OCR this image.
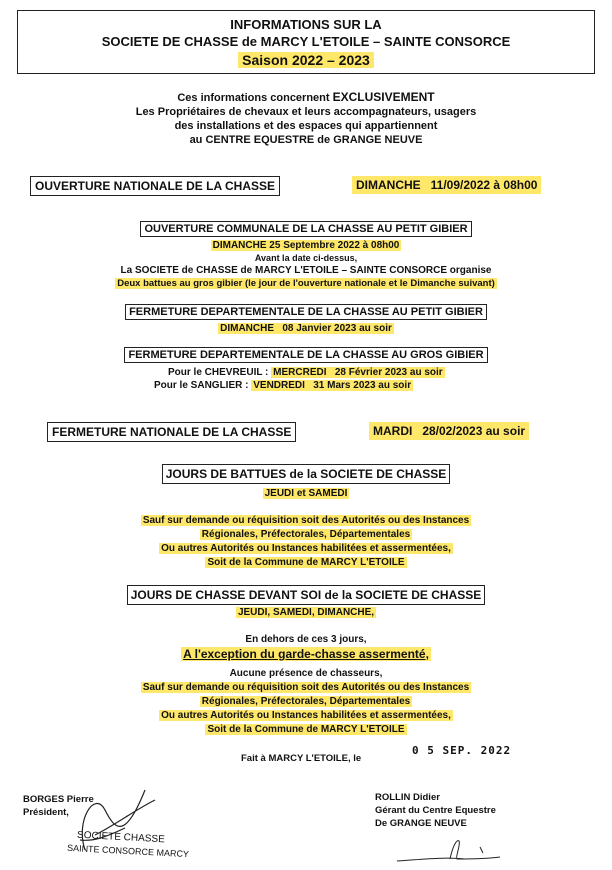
INFORMATIONS SUR LA
SOCIETE DE CHASSE de MARCY L'ETOILE – SAINTE CONSORCE
Saison 2022 – 2023
Ces informations concernent EXCLUSIVEMENT
Les Propriétaires de chevaux et leurs accompagnateurs, usagers
des installations et des espaces qui appartiennent
au CENTRE EQUESTRE de GRANGE NEUVE
OUVERTURE NATIONALE DE LA CHASSE	DIMANCHE   11/09/2022 à 08h00
OUVERTURE COMMUNALE DE LA CHASSE AU PETIT GIBIER
DIMANCHE 25 Septembre 2022 à 08h00
Avant la date ci-dessus,
La SOCIETE de CHASSE de MARCY L'ETOILE – SAINTE CONSORCE organise
Deux battues au gros gibier (le jour de l'ouverture nationale et le Dimanche suivant)
FERMETURE DEPARTEMENTALE DE LA CHASSE AU PETIT GIBIER
DIMANCHE   08 Janvier 2023 au soir
FERMETURE DEPARTEMENTALE DE LA CHASSE AU GROS GIBIER
Pour le CHEVREUIL : MERCREDI   28 Février 2023 au soir
Pour le SANGLIER : VENDREDI   31 Mars 2023 au soir
FERMETURE NATIONALE DE LA CHASSE	MARDI   28/02/2023 au soir
JOURS DE BATTUES de la SOCIETE DE CHASSE
JEUDI et SAMEDI
Sauf sur demande ou réquisition soit des Autorités ou des Instances
Régionales, Préfectorales, Départementales
Ou autres Autorités ou Instances habilitées et assermentées,
Soit de la Commune de MARCY L'ETOILE
JOURS DE CHASSE DEVANT SOI de la SOCIETE DE CHASSE
JEUDI, SAMEDI, DIMANCHE,
En dehors de ces 3 jours,
A l'exception du garde-chasse assermenté,
Aucune présence de chasseurs,
Sauf sur demande ou réquisition soit des Autorités ou des Instances
Régionales, Préfectorales, Départementales
Ou autres Autorités ou Instances habilitées et assermentées,
Soit de la Commune de MARCY L'ETOILE
Fait à MARCY L'ETOILE, le
0 5 SEP. 2022
BORGES Pierre
Président,
SOCIETE CHASSE
SAINTE CONSORCE MARCY
ROLLIN Didier
Gérant du Centre Equestre
De GRANGE NEUVE
